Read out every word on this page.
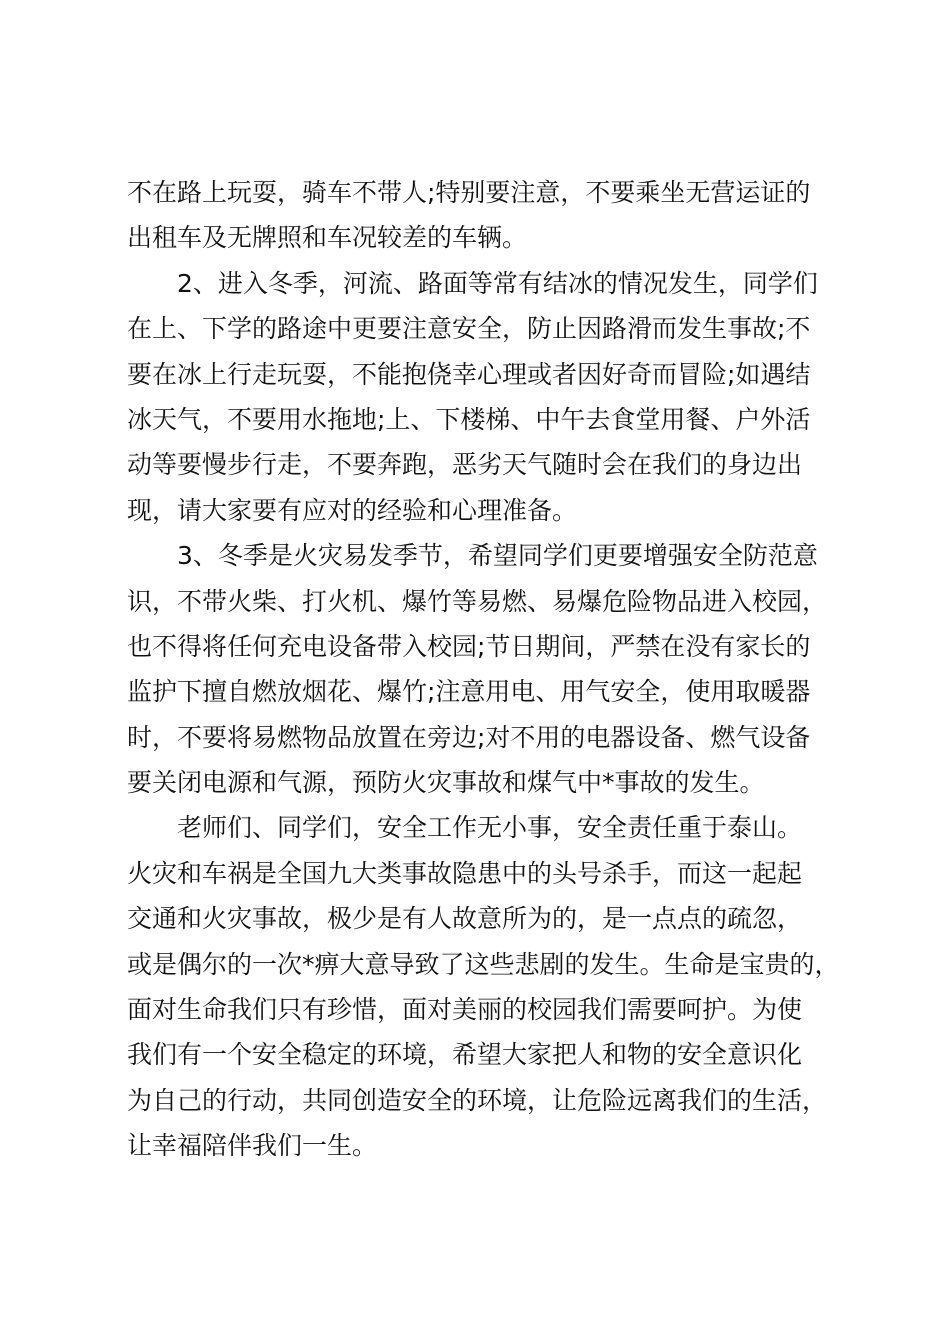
不在路上玩耍，骑车不带人;特别要注意，不要乘坐无营运证的
出租车及无牌照和车况较差的车辆。
2、进入冬季，河流、路面等常有结冰的情况发生，同学们
在上、下学的路途中更要注意安全，防止因路滑而发生事故;不
要在冰上行走玩耍，不能抱侥幸心理或者因好奇而冒险;如遇结
冰天气，不要用水拖地;上、下楼梯、中午去食堂用餐、户外活
动等要慢步行走，不要奔跑，恶劣天气随时会在我们的身边出
现，请大家要有应对的经验和心理准备。
3、冬季是火灾易发季节，希望同学们更要增强安全防范意
识，不带火柴、打火机、爆竹等易燃、易爆危险物品进入校园，
也不得将任何充电设备带入校园;节日期间，严禁在没有家长的
监护下擅自燃放烟花、爆竹;注意用电、用气安全，使用取暖器
时，不要将易燃物品放置在旁边;对不用的电器设备、燃气设备
要关闭电源和气源，预防火灾事故和煤气中*事故的发生。
老师们、同学们，安全工作无小事，安全责任重于泰山。
火灾和车祸是全国九大类事故隐患中的头号杀手，而这一起起
交通和火灾事故，极少是有人故意所为的，是一点点的疏忽，
或是偶尔的一次*痹大意导致了这些悲剧的发生。生命是宝贵的，
面对生命我们只有珍惜，面对美丽的校园我们需要呵护。为使
我们有一个安全稳定的环境，希望大家把人和物的安全意识化
为自己的行动，共同创造安全的环境，让危险远离我们的生活，
让幸福陪伴我们一生。
